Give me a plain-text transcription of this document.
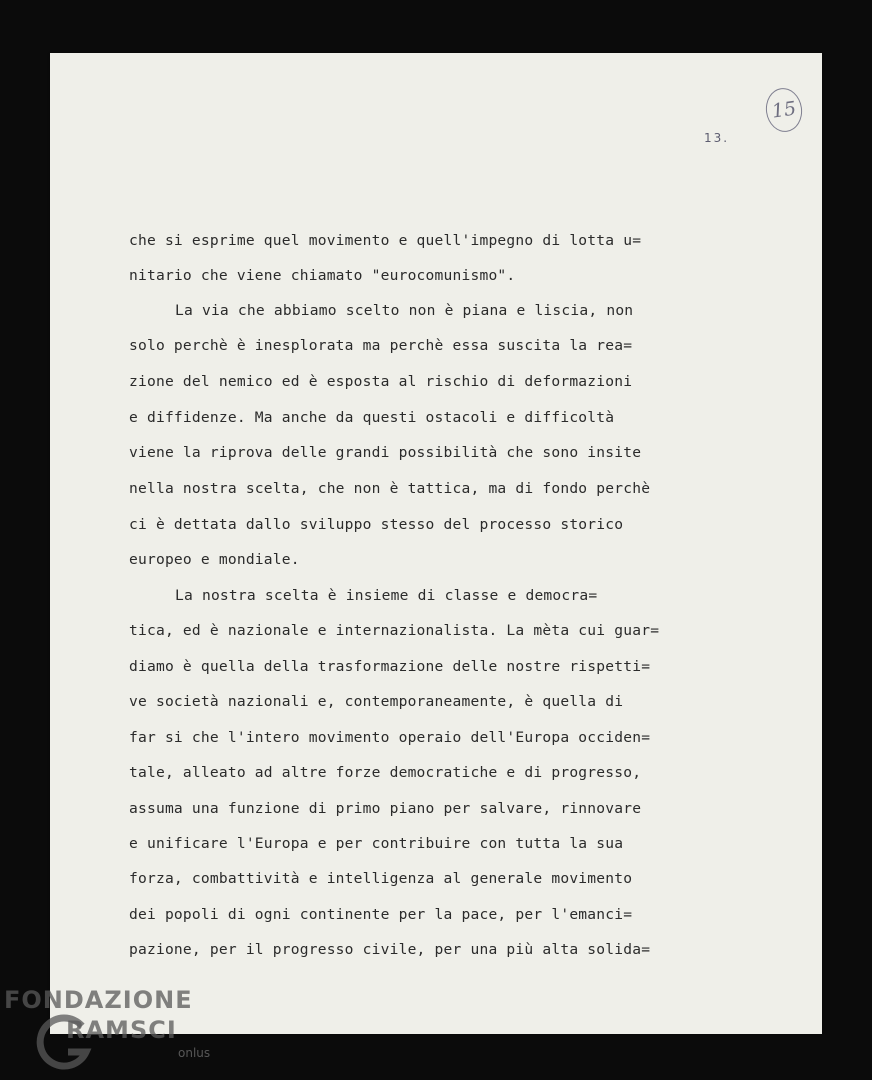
15
13.
che si esprime quel movimento e quell'impegno di lotta u=
nitario che viene chiamato "eurocomunismo".
La via che abbiamo scelto non è piana e liscia, non
solo perchè è inesplorata ma perchè essa suscita la rea=
zione del nemico ed è esposta al rischio di deformazioni
e diffidenze. Ma anche da questi ostacoli e difficoltà
viene la riprova delle grandi possibilità che sono insite
nella nostra scelta, che non è tattica, ma di fondo perchè
ci è dettata dallo sviluppo stesso del processo storico
europeo e mondiale.
La nostra scelta è insieme di classe e democra=
tica, ed è nazionale e internazionalista. La mèta cui guar=
diamo è quella della trasformazione delle nostre rispetti=
ve società nazionali e, contemporaneamente, è quella di
far si che l'intero movimento operaio dell'Europa occiden=
tale, alleato ad altre forze democratiche e di progresso,
assuma una funzione di primo piano per salvare, rinnovare
e unificare l'Europa e per contribuire con tutta la sua
forza, combattività e intelligenza al generale movimento
dei popoli di ogni continente per la pace, per l'emanci=
pazione, per il progresso civile, per una più alta solida=
FONDAZIONE
RAMSCI
onlus
